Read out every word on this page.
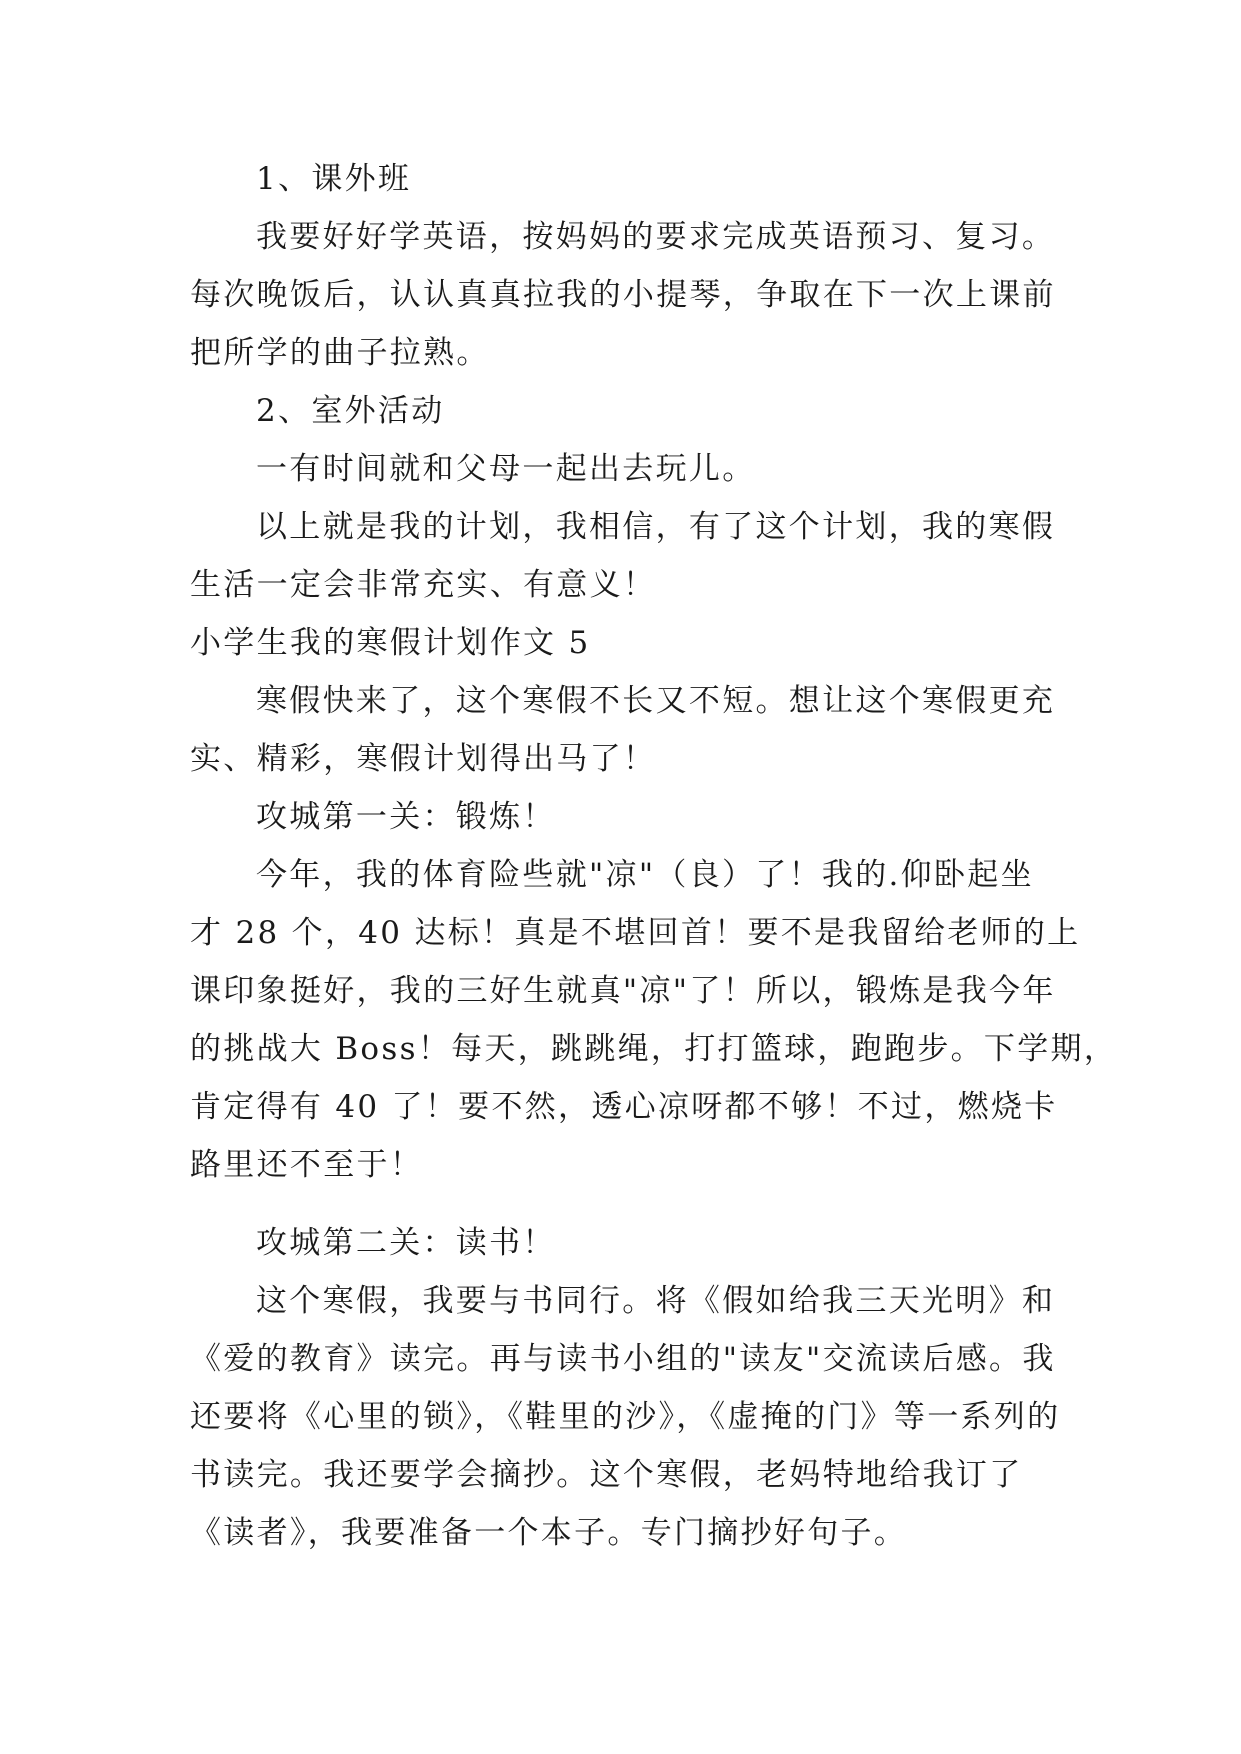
1、课外班
我要好好学英语，按妈妈的要求完成英语预习、复习。
每次晚饭后，认认真真拉我的小提琴，争取在下一次上课前
把所学的曲子拉熟。
2、室外活动
一有时间就和父母一起出去玩儿。
以上就是我的计划，我相信，有了这个计划，我的寒假
生活一定会非常充实、有意义！
小学生我的寒假计划作文 5
寒假快来了，这个寒假不长又不短。想让这个寒假更充
实、精彩，寒假计划得出马了！
攻城第一关：锻炼！
今年，我的体育险些就"凉"（良）了！我的.仰卧起坐
才 28 个，40 达标！真是不堪回首！要不是我留给老师的上
课印象挺好，我的三好生就真"凉"了！所以，锻炼是我今年
的挑战大 Boss！每天，跳跳绳，打打篮球，跑跑步。下学期，
肯定得有 40 了！要不然，透心凉呀都不够！不过，燃烧卡
路里还不至于！
攻城第二关：读书！
这个寒假，我要与书同行。将《假如给我三天光明》和
《爱的教育》读完。再与读书小组的"读友"交流读后感。我
还要将《心里的锁》，《鞋里的沙》，《虚掩的门》等一系列的
书读完。我还要学会摘抄。这个寒假，老妈特地给我订了
《读者》，我要准备一个本子。专门摘抄好句子。
